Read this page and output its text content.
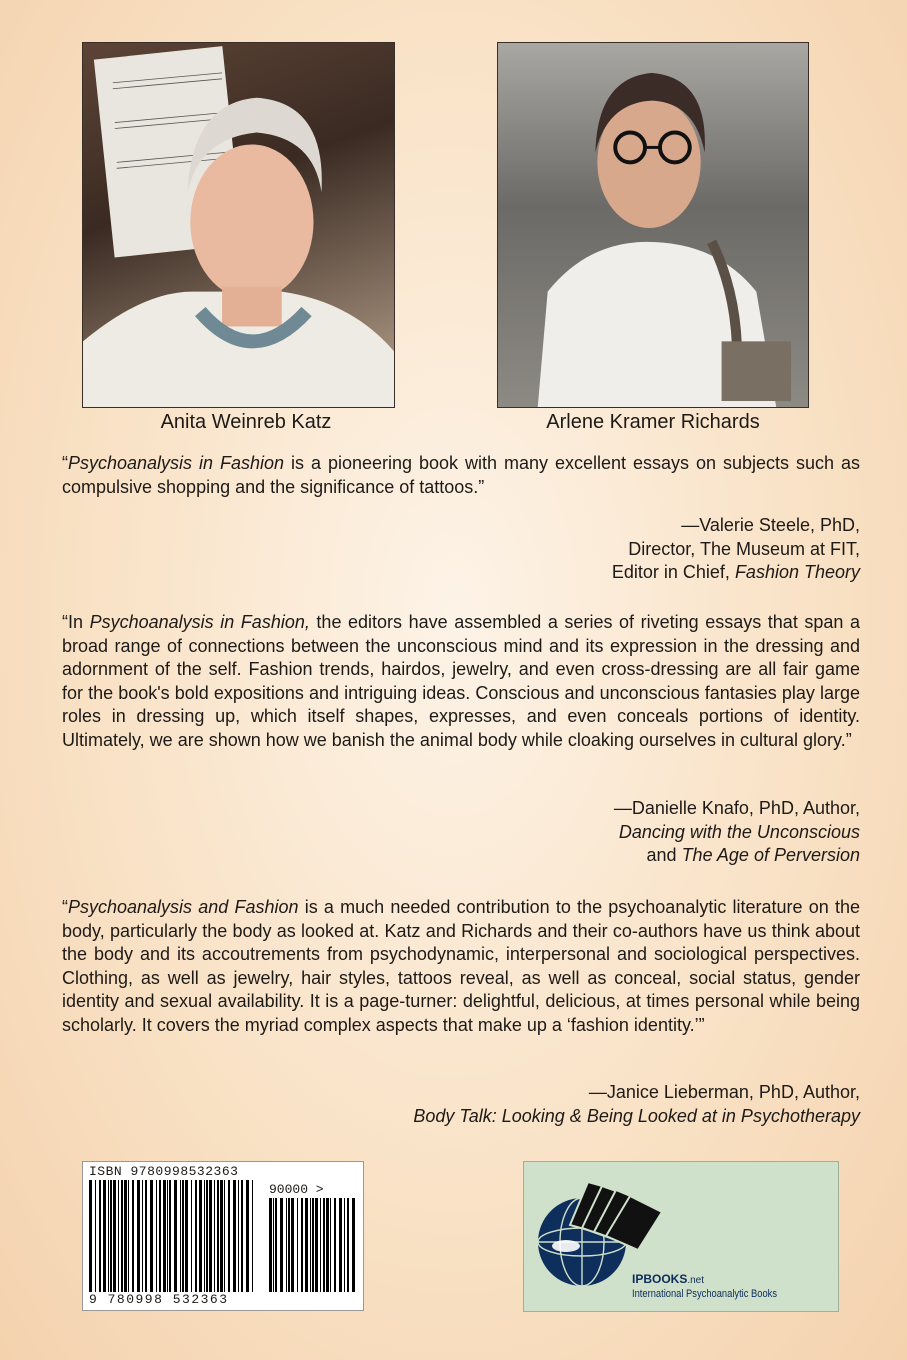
Anita Weinreb Katz	Arlene Kramer Richards
“Psychoanalysis in Fashion is a pioneering book with many excellent essays on subjects such as compulsive shopping and the significance of tattoos.”
—Valerie Steele, PhD,
Director, The Museum at FIT,
Editor in Chief, Fashion Theory
“In Psychoanalysis in Fashion, the editors have assembled a series of riveting essays that span a broad range of connections between the unconscious mind and its expression in the dressing and adornment of the self. Fashion trends, hairdos, jewelry, and even cross-dressing are all fair game for the book's bold expositions and intriguing ideas. Conscious and unconscious fantasies play large roles in dressing up, which itself shapes, expresses, and even conceals portions of identity. Ultimately, we are shown how we banish the animal body while cloaking ourselves in cultural glory.”
—Danielle Knafo, PhD, Author,
Dancing with the Unconscious
and The Age of Perversion
“Psychoanalysis and Fashion is a much needed contribution to the psychoanalytic literature on the body, particularly the body as looked at. Katz and Richards and their co-authors have us think about the body and its accoutrements from psychodynamic, interpersonal and sociological perspectives. Clothing, as well as jewelry, hair styles, tattoos reveal, as well as conceal, social status, gender identity and sexual availability. It is a page-turner: delightful, delicious, at times personal while being scholarly. It covers the myriad complex aspects that make up a ‘fashion identity.’”
—Janice Lieberman, PhD, Author,
Body Talk: Looking & Being Looked at in Psychotherapy
ISBN 9780998532363
90000 >
9 780998 532363
IPBOOKS.net
International Psychoanalytic Books
